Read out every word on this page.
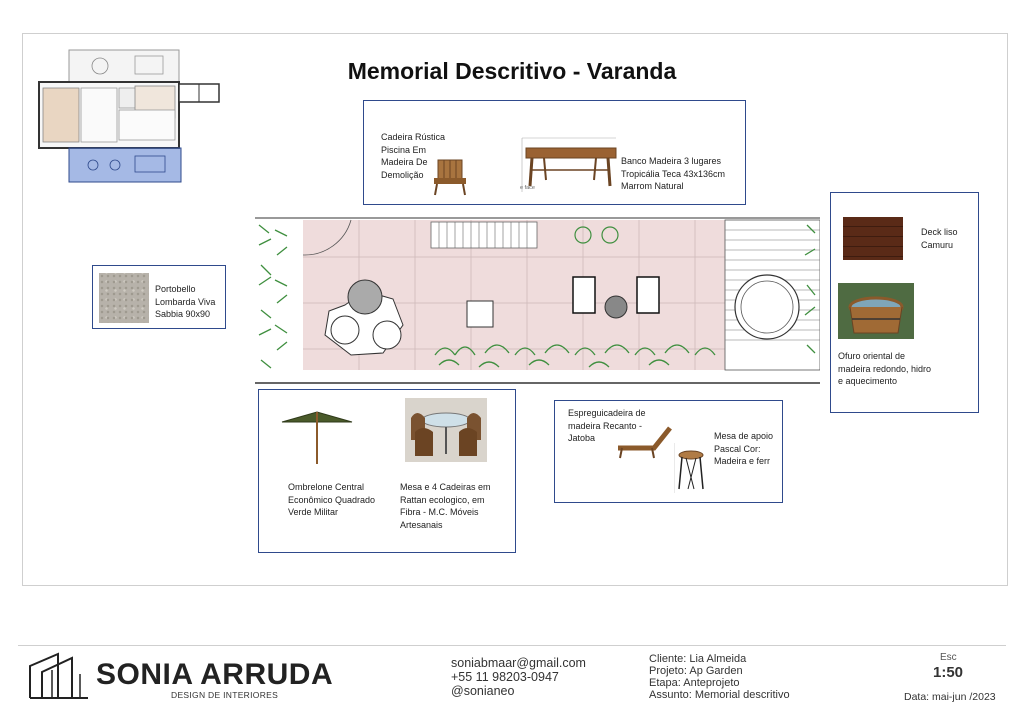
Memorial Descritivo - Varanda
Cadeira Rústica Piscina Em Madeira De Demolição
e face
Banco Madeira 3 lugares Tropicália Teca 43x136cm Marrom Natural
Deck liso Camuru
Ofuro oriental de madeira redondo, hidro e aquecimento
Portobello Lombarda Viva Sabbia 90x90
Ombrelone Central Econômico Quadrado Verde Militar
Mesa e 4 Cadeiras em Rattan ecologico, em Fibra - M.C. Móveis Artesanais
Espreguicadeira de madeira Recanto - Jatoba	Mesa de apoio Pascal Cor: Madeira e ferr
SONIA ARRUDA
DESIGN DE INTERIORES
soniabmaar@gmail.com
+55 11 98203-0947
@sonianeo
Cliente: Lia Almeida
Projeto: Ap Garden
Etapa: Anteprojeto
Assunto: Memorial descritivo
Esc
1:50
Data: mai-jun /2023
